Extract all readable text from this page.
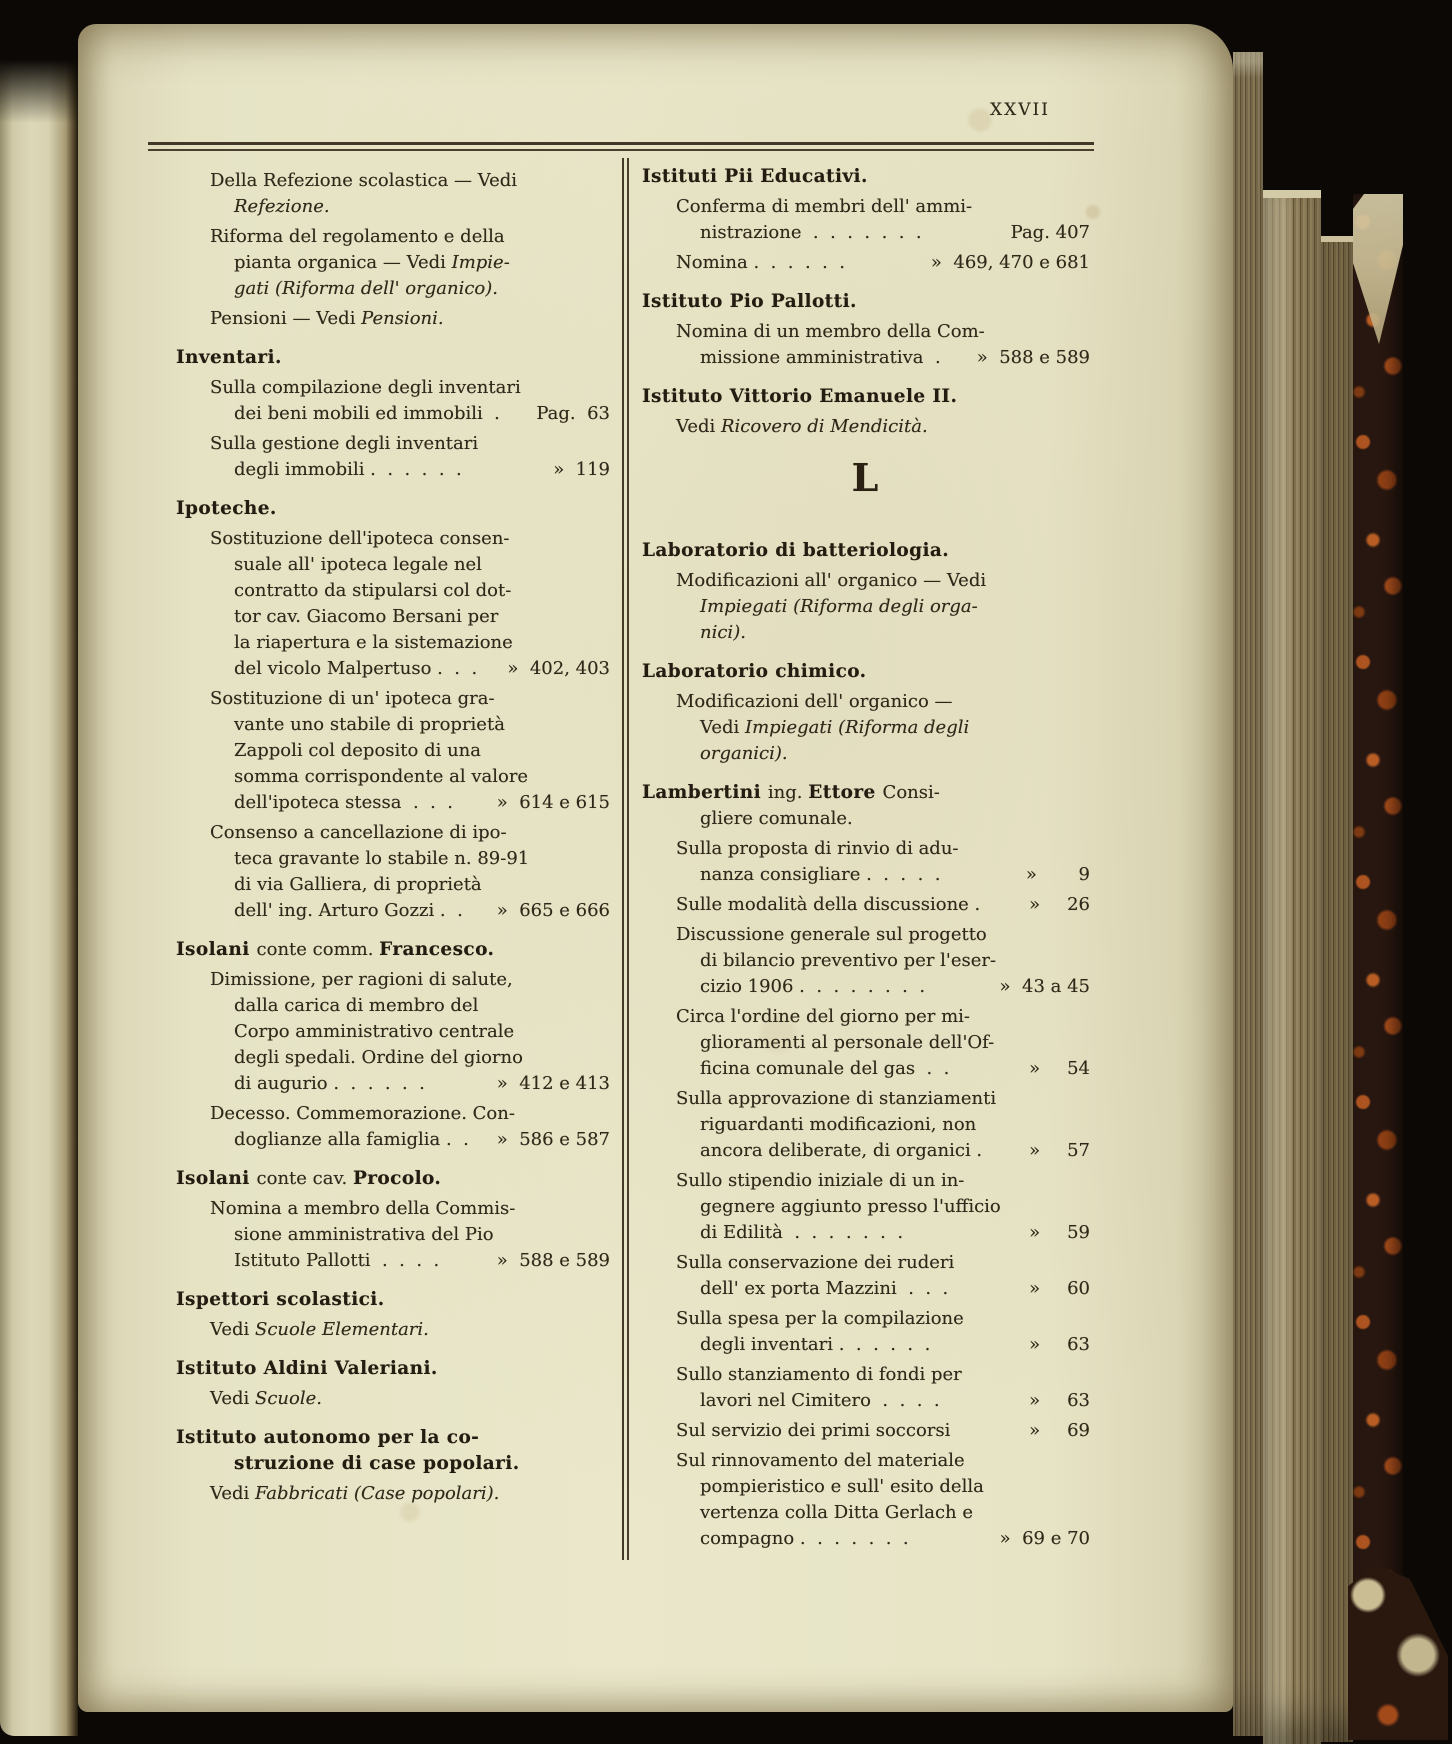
XXVII
Della Refezione scolastica — Vedi
Refezione.
Riforma del regolamento e della
pianta organica — Vedi Impie-
gati (Riforma dell' organico).
Pensioni — Vedi Pensioni.
Inventari.
Sulla compilazione degli inventari
dei beni mobili ed immobili  .	Pag.  63
Sulla gestione degli inventari
degli immobili .  .  .  .  .  .	»  119
Ipoteche.
Sostituzione dell'ipoteca consen-
suale all' ipoteca legale nel
contratto da stipularsi col dot-
tor cav. Giacomo Bersani per
la riapertura e la sistemazione
del vicolo Malpertuso .  .  .	»  402, 403
Sostituzione di un' ipoteca gra-
vante uno stabile di proprietà
Zappoli col deposito di una
somma corrispondente al valore
dell'ipoteca stessa  .  .  .	»  614 e 615
Consenso a cancellazione di ipo-
teca gravante lo stabile n. 89-91
di via Galliera, di proprietà
dell' ing. Arturo Gozzi .  .	»  665 e 666
Isolani conte comm. Francesco.
Dimissione, per ragioni di salute,
dalla carica di membro del
Corpo amministrativo centrale
degli spedali. Ordine del giorno
di augurio .  .  .  .  .  .	»  412 e 413
Decesso. Commemorazione. Con-
doglianze alla famiglia .  .	»  586 e 587
Isolani conte cav. Procolo.
Nomina a membro della Commis-
sione amministrativa del Pio
Istituto Pallotti  .  .  .  .	»  588 e 589
Ispettori scolastici.
Vedi Scuole Elementari.
Istituto Aldini Valeriani.
Vedi Scuole.
Istituto autonomo per la co-
struzione di case popolari.
Vedi Fabbricati (Case popolari).
Istituti Pii Educativi.
Conferma di membri dell' ammi-
nistrazione  .  .  .  .  .  .  .	Pag. 407
Nomina .  .  .  .  .  .	»  469, 470 e 681
Istituto Pio Pallotti.
Nomina di un membro della Com-
missione amministrativa  .	»  588 e 589
Istituto Vittorio Emanuele II.
Vedi Ricovero di Mendicità.
L
Laboratorio di batteriologia.
Modificazioni all' organico — Vedi
Impiegati (Riforma degli orga-
nici).
Laboratorio chimico.
Modificazioni dell' organico —
Vedi Impiegati (Riforma degli
organici).
Lambertini ing. Ettore Consi-
gliere comunale.
Sulla proposta di rinvio di adu-
nanza consigliare .  .  .  .  .	»   9
Sulle modalità della discussione .	»  26
Discussione generale sul progetto
di bilancio preventivo per l'eser-
cizio 1906 .  .  .  .  .  .  .  .	»  43 a 45
Circa l'ordine del giorno per mi-
glioramenti al personale dell'Of-
ficina comunale del gas  .  .	»  54
Sulla approvazione di stanziamenti
riguardanti modificazioni, non
ancora deliberate, di organici .	»  57
Sullo stipendio iniziale di un in-
gegnere aggiunto presso l'ufficio
di Edilità  .  .  .  .  .  .  .	»  59
Sulla conservazione dei ruderi
dell' ex porta Mazzini  .  .  .	»  60
Sulla spesa per la compilazione
degli inventari .  .  .  .  .  .	»  63
Sullo stanziamento di fondi per
lavori nel Cimitero  .  .  .  .	»  63
Sul servizio dei primi soccorsi	»  69
Sul rinnovamento del materiale
pompieristico e sull' esito della
vertenza colla Ditta Gerlach e
compagno .  .  .  .  .  .  .	»  69 e 70
